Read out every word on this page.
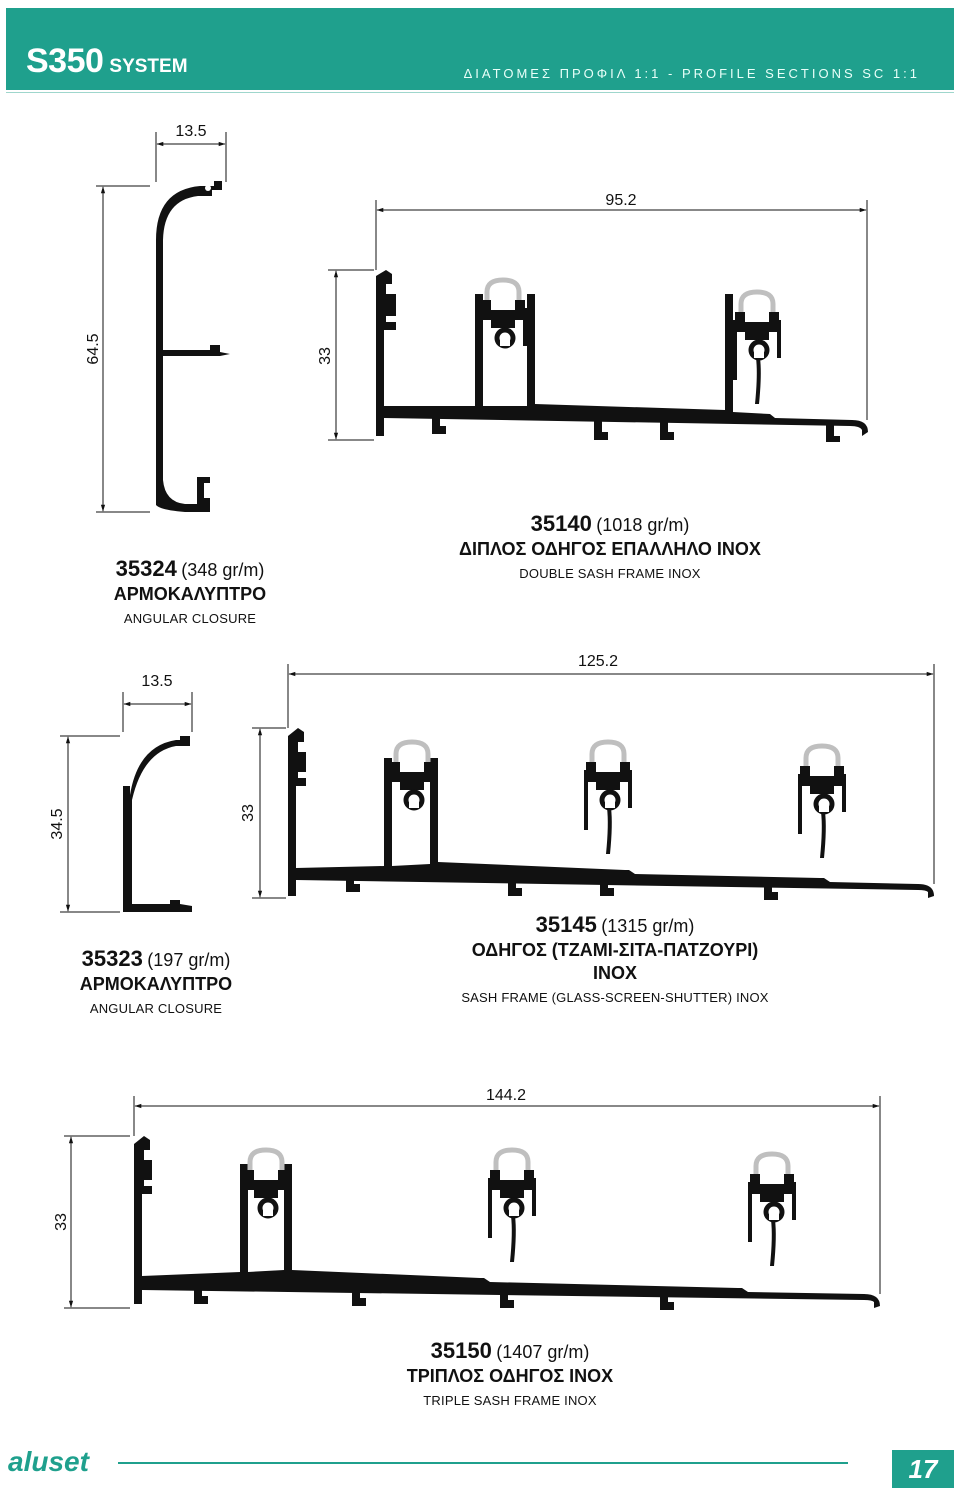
S350 SYSTEM	ΔΙΑΤΟΜΕΣ ΠΡΟΦΙΛ 1:1 - PROFILE SECTIONS SC 1:1
13.5
64.5
95.2
33
13.5
34.5
125.2
33
144.2
33
35324 (348 gr/m)
ΑΡΜΟΚΑΛΥΠΤΡΟ
ANGULAR CLOSURE
35140 (1018 gr/m)
ΔΙΠΛΟΣ ΟΔΗΓΟΣ ΕΠΑΛΛΗΛΟ ΙΝΟΧ
DOUBLE SASH FRAME INOX
35323 (197 gr/m)
ΑΡΜΟΚΑΛΥΠΤΡΟ
ANGULAR CLOSURE
35145 (1315 gr/m)
ΟΔΗΓΟΣ (ΤΖΑΜΙ-ΣΙΤΑ-ΠΑΤΖΟΥΡΙ)
ΙΝΟΧ
SASH FRAME (GLASS-SCREEN-SHUTTER) INOX
35150 (1407 gr/m)
ΤΡΙΠΛΟΣ ΟΔΗΓΟΣ ΙΝΟΧ
TRIPLE SASH FRAME INOX
aluset	17
